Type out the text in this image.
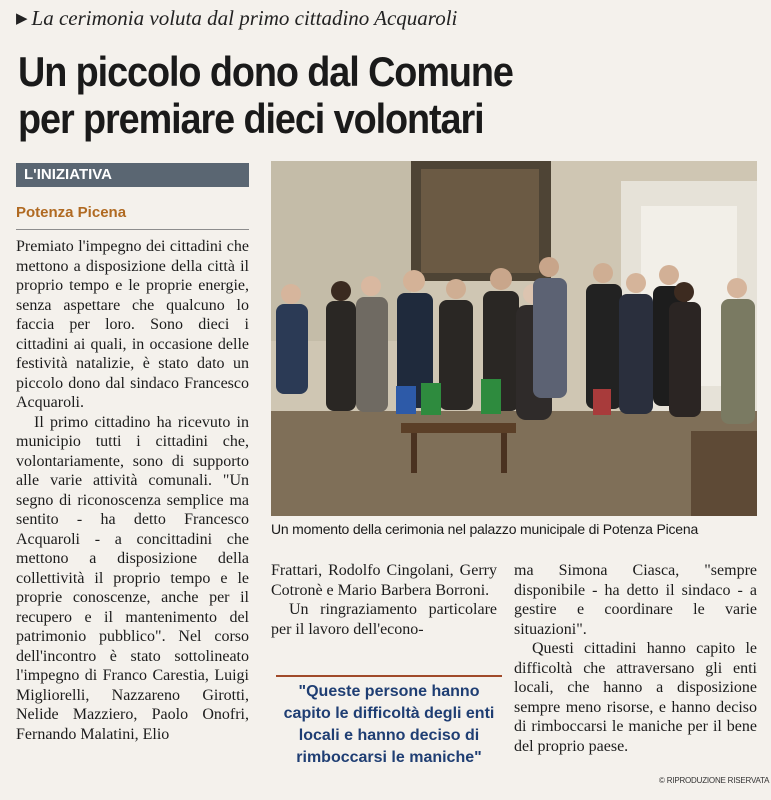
▶ La cerimonia voluta dal primo cittadino Acquaroli
Un piccolo dono dal Comune
per premiare dieci volontari
L'INIZIATIVA
Potenza Picena

Premiato l'impegno dei cittadini che mettono a disposizione della città il proprio tempo e le proprie energie, senza aspettare che qualcuno lo faccia per loro. Sono dieci i cittadini ai quali, in occasione delle festività natalizie, è stato dato un piccolo dono dal sindaco Francesco Acquaroli.

Il primo cittadino ha ricevuto in municipio tutti i cittadini che, volontariamente, sono di supporto alle varie attività comunali. "Un segno di riconoscenza semplice ma sentito - ha detto Francesco Acquaroli - a concittadini che mettono a disposizione della collettività il proprio tempo e le proprie conoscenze, anche per il recupero e il mantenimento del patrimonio pubblico". Nel corso dell'incontro è stato sottolineato l'impegno di Franco Carestia, Luigi Migliorelli, Nazzareno Girotti, Nelide Mazziero, Paolo Onofri, Fernando Malatini, Elio

Un momento della cerimonia nel palazzo municipale di Potenza Picena

Frattari, Rodolfo Cingolani, Gerry Cotronè e Mario Barbera Borroni.

Un ringraziamento particolare per il lavoro dell'econo-

"Queste persone hanno capito le difficoltà degli enti locali e hanno deciso di rimboccarsi le maniche"

ma Simona Ciasca, "sempre disponibile - ha detto il sindaco - a gestire e coordinare le varie situazioni".

Questi cittadini hanno capito le difficoltà che attraversano gli enti locali, che hanno a disposizione sempre meno risorse, e hanno deciso di rimboccarsi le maniche per il bene del proprio paese.

© RIPRODUZIONE RISERVATA
